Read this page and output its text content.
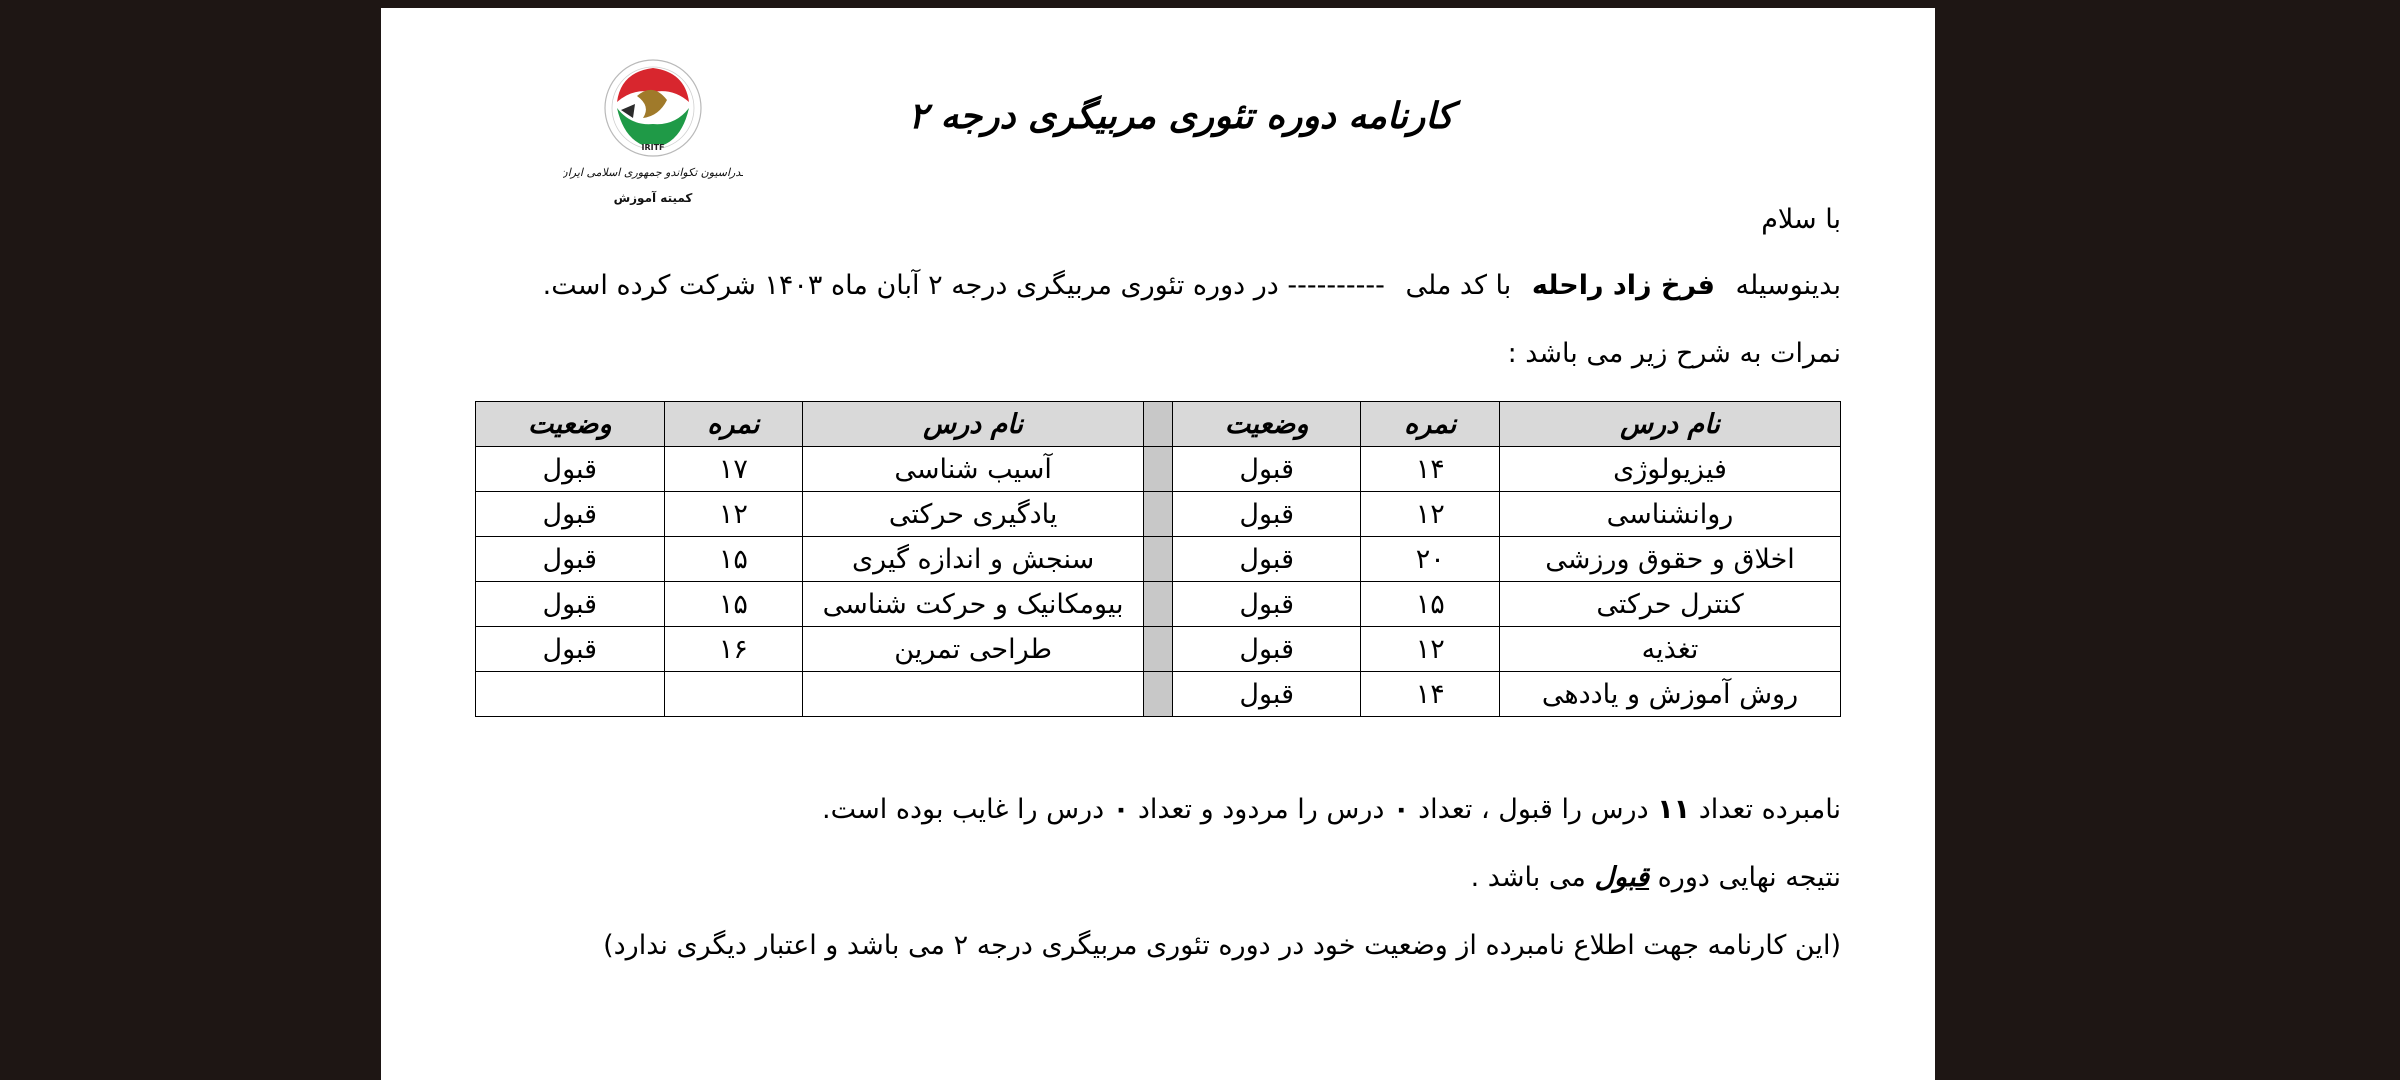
IRITF
فدراسیون تکواندو جمهوری اسلامی ایران
کمیته آموزش
کارنامه دوره تئوری مربیگری درجه ۲
با سلام
بدینوسیله فرخ زاد راحله با کد ملی ---------- در دوره تئوری مربیگری درجه ۲ آبان ماه ۱۴۰۳ شرکت کرده است.
نمرات به شرح زیر می باشد :
نام درس	نمره	وضعیت		نام درس	نمره	وضعیت
فیزیولوژی	۱۴	قبول		آسیب شناسی	۱۷	قبول
روانشناسی	۱۲	قبول		یادگیری حرکتی	۱۲	قبول
اخلاق و حقوق ورزشی	۲۰	قبول		سنجش و اندازه گیری	۱۵	قبول
کنترل حرکتی	۱۵	قبول		بیومکانیک و حرکت شناسی	۱۵	قبول
تغذیه	۱۲	قبول		طراحی تمرین	۱۶	قبول
روش آموزش و یاددهی	۱۴	قبول				
نامبرده تعداد ۱۱ درس را قبول ، تعداد ۰ درس را مردود و تعداد ۰ درس را غایب بوده است.
نتیجه نهایی دوره قبول می باشد .
(این کارنامه جهت اطلاع نامبرده از وضعیت خود در دوره تئوری مربیگری درجه ۲ می باشد و اعتبار دیگری ندارد)
